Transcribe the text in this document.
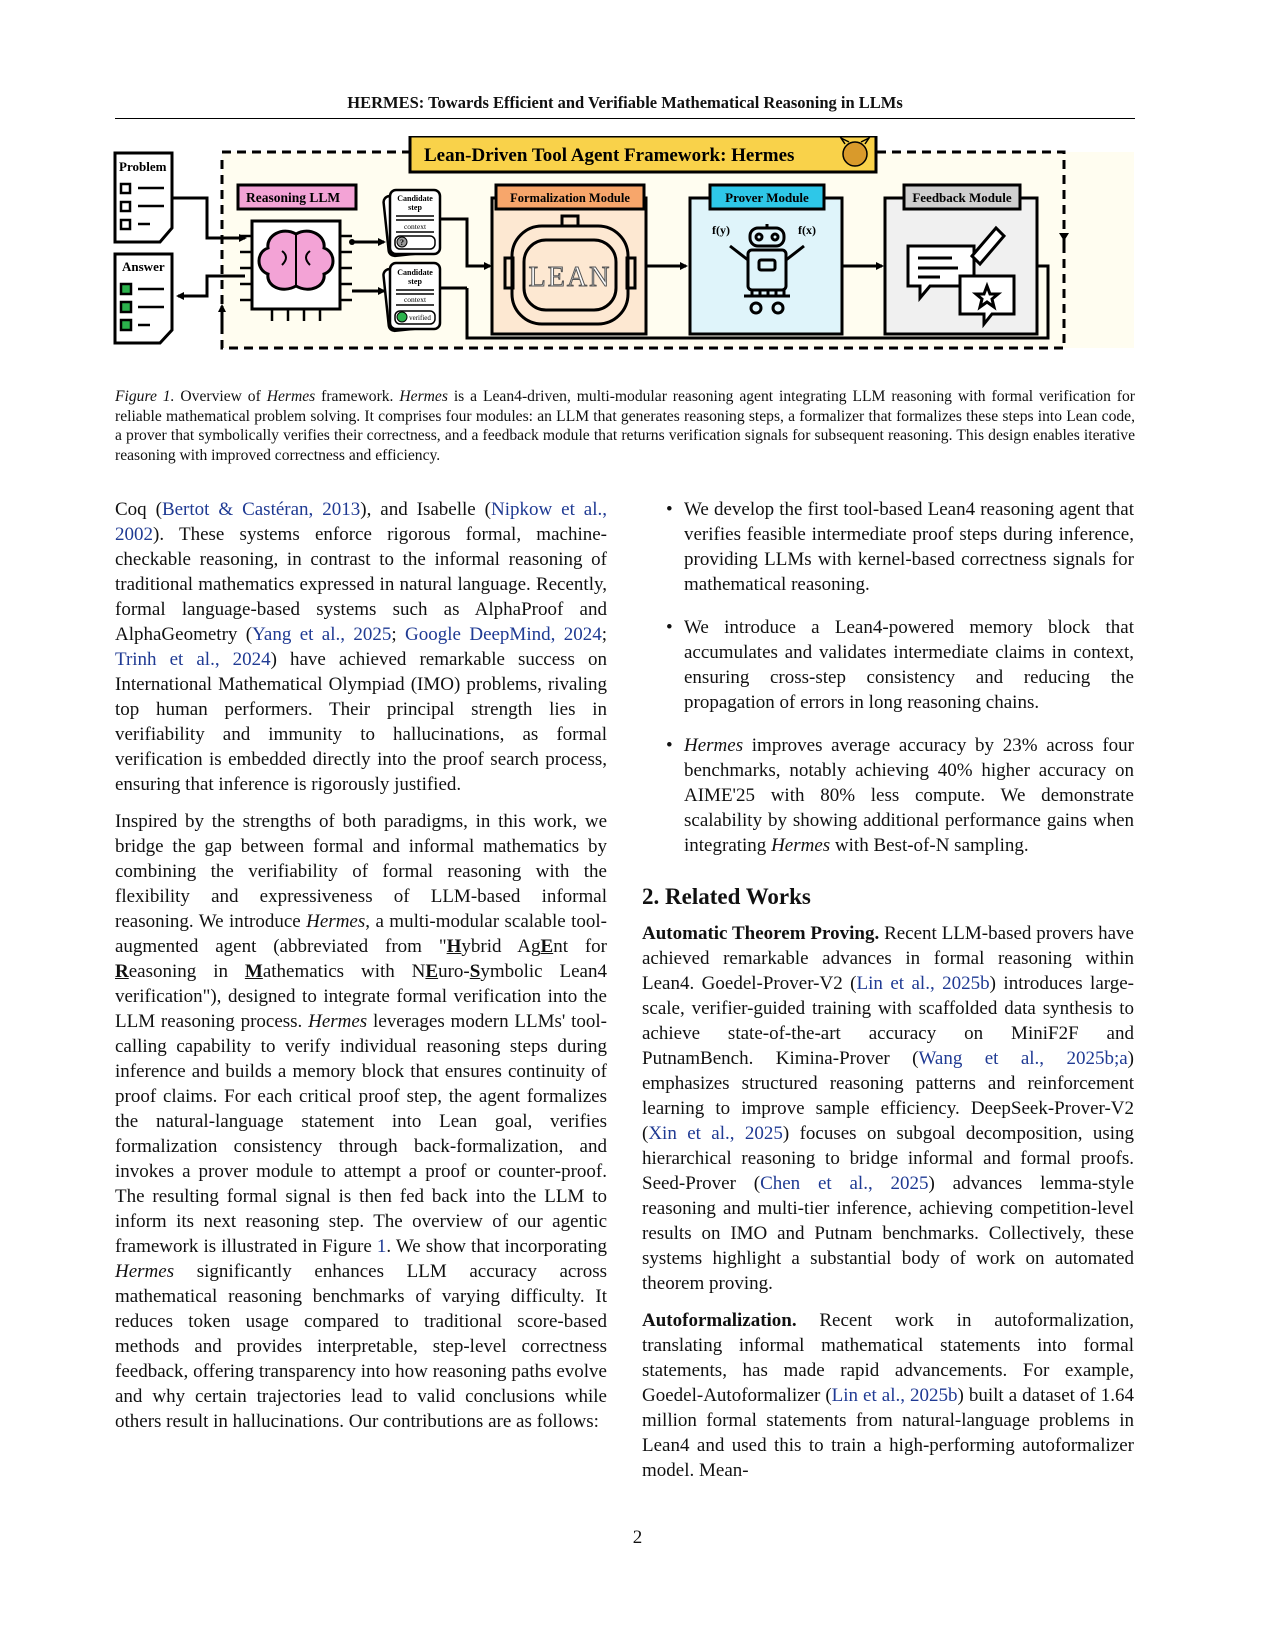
HERMES: Towards Efficient and Verifiable Mathematical Reasoning in LLMs
Lean-Driven Tool Agent Framework: Hermes
Problem
Answer
Reasoning LLM	Candidate
step
context
?
Candidate
step
context
verified
Formalization Module
LEAN
Prover Module
f(y)	f(x)
Feedback Module
Figure 1. Overview of Hermes framework. Hermes is a Lean4-driven, multi-modular reasoning agent integrating LLM reasoning with formal verification for reliable mathematical problem solving. It comprises four modules: an LLM that generates reasoning steps, a formalizer that formalizes these steps into Lean code, a prover that symbolically verifies their correctness, and a feedback module that returns verification signals for subsequent reasoning. This design enables iterative reasoning with improved correctness and efficiency.

Coq (Bertot & Castéran, 2013), and Isabelle (Nipkow et al., 2002). These systems enforce rigorous formal, machine-checkable reasoning, in contrast to the informal reasoning of traditional mathematics expressed in natural language. Recently, formal language-based systems such as AlphaProof and AlphaGeometry (Yang et al., 2025; Google DeepMind, 2024; Trinh et al., 2024) have achieved remarkable success on International Mathematical Olympiad (IMO) problems, rivaling top human performers. Their principal strength lies in verifiability and immunity to hallucinations, as formal verification is embedded directly into the proof search process, ensuring that inference is rigorously justified.

Inspired by the strengths of both paradigms, in this work, we bridge the gap between formal and informal mathematics by combining the verifiability of formal reasoning with the flexibility and expressiveness of LLM-based informal reasoning. We introduce Hermes, a multi-modular scalable tool-augmented agent (abbreviated from "Hybrid AgEnt for Reasoning in Mathematics with NEuro-Symbolic Lean4 verification"), designed to integrate formal verification into the LLM reasoning process. Hermes leverages modern LLMs' tool-calling capability to verify individual reasoning steps during inference and builds a memory block that ensures continuity of proof claims. For each critical proof step, the agent formalizes the natural-language statement into Lean goal, verifies formalization consistency through back-formalization, and invokes a prover module to attempt a proof or counter-proof. The resulting formal signal is then fed back into the LLM to inform its next reasoning step. The overview of our agentic framework is illustrated in Figure 1. We show that incorporating Hermes significantly enhances LLM accuracy across mathematical reasoning benchmarks of varying difficulty. It reduces token usage compared to traditional score-based methods and provides interpretable, step-level correctness feedback, offering transparency into how reasoning paths evolve and why certain trajectories lead to valid conclusions while others result in hallucinations. Our contributions are as follows:

• We develop the first tool-based Lean4 reasoning agent that verifies feasible intermediate proof steps during inference, providing LLMs with kernel-based correctness signals for mathematical reasoning.
• We introduce a Lean4-powered memory block that accumulates and validates intermediate claims in context, ensuring cross-step consistency and reducing the propagation of errors in long reasoning chains.
• Hermes improves average accuracy by 23% across four benchmarks, notably achieving 40% higher accuracy on AIME'25 with 80% less compute. We demonstrate scalability by showing additional performance gains when integrating Hermes with Best-of-N sampling.
2. Related Works

Automatic Theorem Proving. Recent LLM-based provers have achieved remarkable advances in formal reasoning within Lean4. Goedel-Prover-V2 (Lin et al., 2025b) introduces large-scale, verifier-guided training with scaffolded data synthesis to achieve state-of-the-art accuracy on MiniF2F and PutnamBench. Kimina-Prover (Wang et al., 2025b;a) emphasizes structured reasoning patterns and reinforcement learning to improve sample efficiency. DeepSeek-Prover-V2 (Xin et al., 2025) focuses on subgoal decomposition, using hierarchical reasoning to bridge informal and formal proofs. Seed-Prover (Chen et al., 2025) advances lemma-style reasoning and multi-tier inference, achieving competition-level results on IMO and Putnam benchmarks. Collectively, these systems highlight a substantial body of work on automated theorem proving.

Autoformalization. Recent work in autoformalization, translating informal mathematical statements into formal statements, has made rapid advancements. For example, Goedel-Autoformalizer (Lin et al., 2025b) built a dataset of 1.64 million formal statements from natural-language problems in Lean4 and used this to train a high-performing autoformalizer model. Mean-

2
